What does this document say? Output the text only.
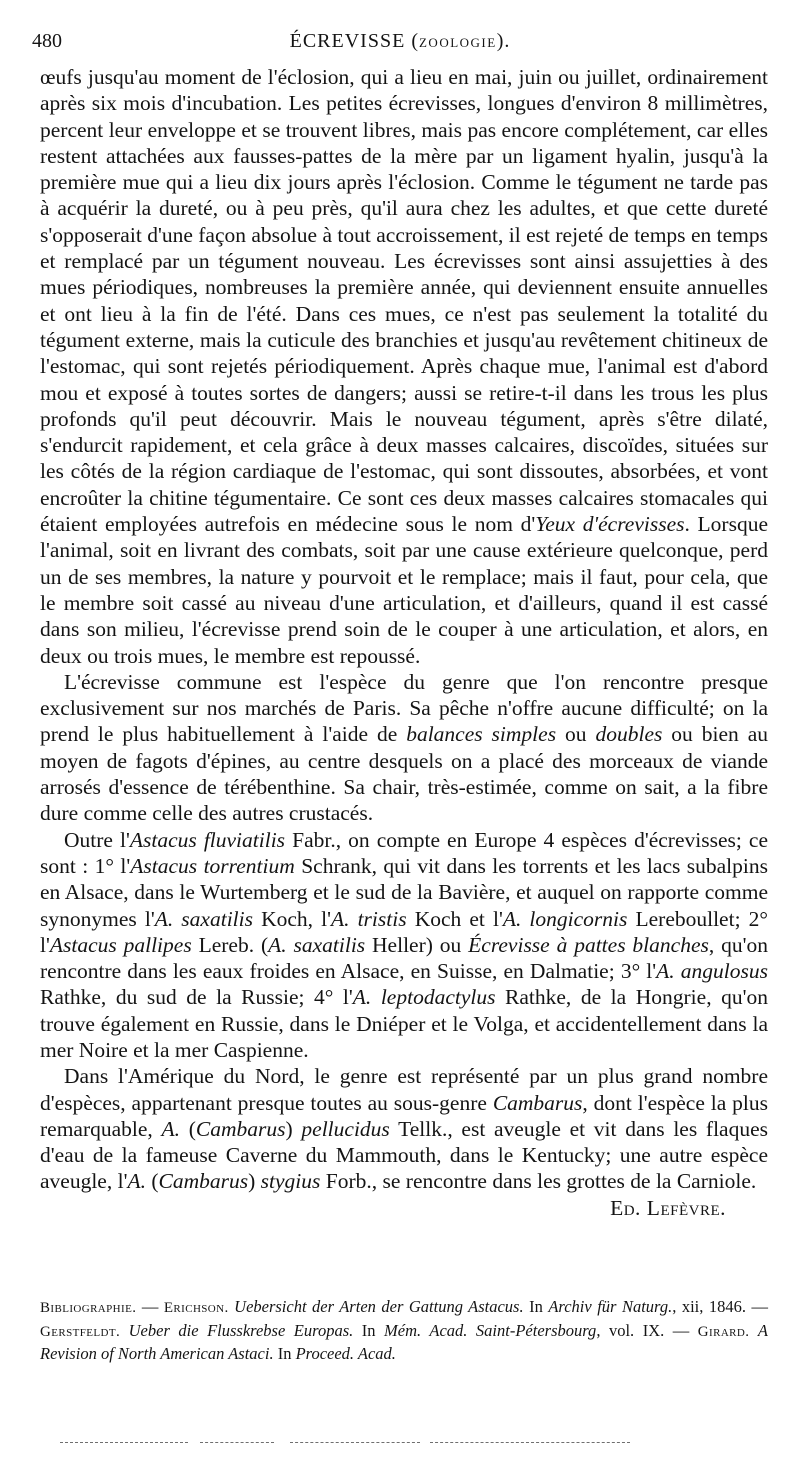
480	ÉCREVISSE (ZOOLOGIE).

œufs jusqu'au moment de l'éclosion, qui a lieu en mai, juin ou juillet, ordinairement après six mois d'incubation. Les petites écrevisses, longues d'environ 8 millimètres, percent leur enveloppe et se trouvent libres, mais pas encore complétement, car elles restent attachées aux fausses-pattes de la mère par un ligament hyalin, jusqu'à la première mue qui a lieu dix jours après l'éclosion. Comme le tégument ne tarde pas à acquérir la dureté, ou à peu près, qu'il aura chez les adultes, et que cette dureté s'opposerait d'une façon absolue à tout accroissement, il est rejeté de temps en temps et remplacé par un tégument nouveau. Les écrevisses sont ainsi assujetties à des mues périodiques, nombreuses la première année, qui deviennent ensuite annuelles et ont lieu à la fin de l'été. Dans ces mues, ce n'est pas seulement la totalité du tégument externe, mais la cuticule des branchies et jusqu'au revêtement chitineux de l'estomac, qui sont rejetés périodiquement. Après chaque mue, l'animal est d'abord mou et exposé à toutes sortes de dangers; aussi se retire-t-il dans les trous les plus profonds qu'il peut découvrir. Mais le nouveau tégument, après s'être dilaté, s'endurcit rapidement, et cela grâce à deux masses calcaires, discoïdes, situées sur les côtés de la région cardiaque de l'estomac, qui sont dissoutes, absorbées, et vont encroûter la chitine tégumentaire. Ce sont ces deux masses calcaires stomacales qui étaient employées autrefois en médecine sous le nom d'Yeux d'écrevisses. Lorsque l'animal, soit en livrant des combats, soit par une cause extérieure quelconque, perd un de ses membres, la nature y pourvoit et le remplace; mais il faut, pour cela, que le membre soit cassé au niveau d'une articulation, et d'ailleurs, quand il est cassé dans son milieu, l'écrevisse prend soin de le couper à une articulation, et alors, en deux ou trois mues, le membre est repoussé.

L'écrevisse commune est l'espèce du genre que l'on rencontre presque exclusivement sur nos marchés de Paris. Sa pêche n'offre aucune difficulté; on la prend le plus habituellement à l'aide de balances simples ou doubles ou bien au moyen de fagots d'épines, au centre desquels on a placé des morceaux de viande arrosés d'essence de térébenthine. Sa chair, très-estimée, comme on sait, a la fibre dure comme celle des autres crustacés.

Outre l'Astacus fluviatilis Fabr., on compte en Europe 4 espèces d'écrevisses; ce sont : 1° l'Astacus torrentium Schrank, qui vit dans les torrents et les lacs subalpins en Alsace, dans le Wurtemberg et le sud de la Bavière, et auquel on rapporte comme synonymes l'A. saxatilis Koch, l'A. tristis Koch et l'A. longicornis Lereboullet; 2° l'Astacus pallipes Lereb. (A. saxatilis Heller) ou Écrevisse à pattes blanches, qu'on rencontre dans les eaux froides en Alsace, en Suisse, en Dalmatie; 3° l'A. angulosus Rathke, du sud de la Russie; 4° l'A. leptodactylus Rathke, de la Hongrie, qu'on trouve également en Russie, dans le Dniéper et le Volga, et accidentellement dans la mer Noire et la mer Caspienne.

Dans l'Amérique du Nord, le genre est représenté par un plus grand nombre d'espèces, appartenant presque toutes au sous-genre Cambarus, dont l'espèce la plus remarquable, A. (Cambarus) pellucidus Tellk., est aveugle et vit dans les flaques d'eau de la fameuse Caverne du Mammouth, dans le Kentucky; une autre espèce aveugle, l'A. (Cambarus) stygius Forb., se rencontre dans les grottes de la Carniole.
Ed. Lefèvre.

Bibliographie. — Erichson. Uebersicht der Arten der Gattung Astacus. In Archiv für Naturg., xii, 1846. — Gerstfeldt. Ueber die Flusskrebse Europas. In Mém. Acad. Saint-Pétersbourg, vol. IX. — Girard. A Revision of North American Astaci. In Proceed. Acad.
